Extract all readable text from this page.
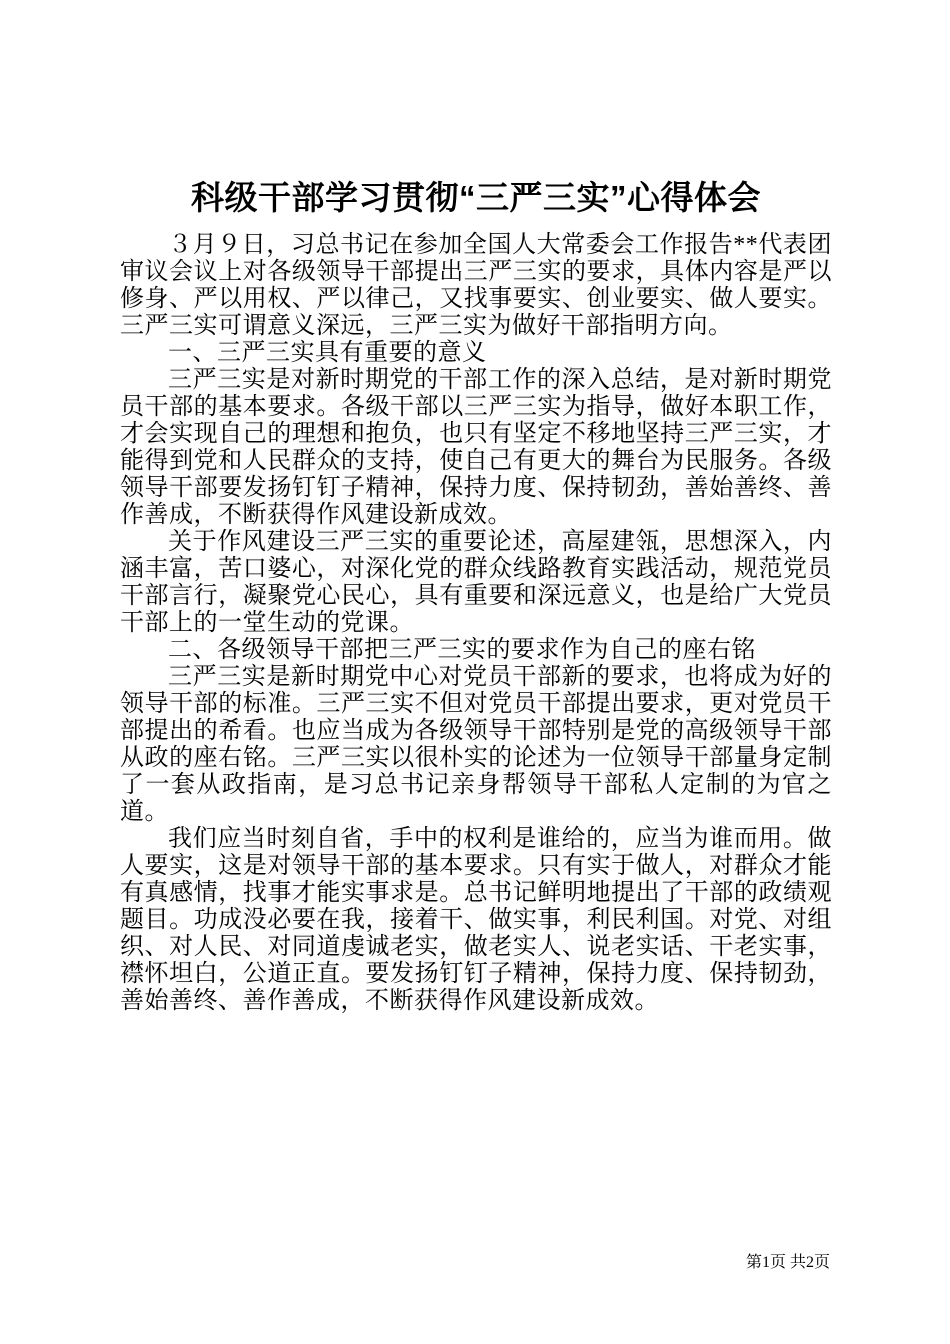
科级干部学习贯彻“三严三实”心得体会

３月９日，习总书记在参加全国人大常委会工作报告**代表团审议会议上对各级领导干部提出三严三实的要求，具体内容是严以修身、严以用权、严以律己，又找事要实、创业要实、做人要实。三严三实可谓意义深远，三严三实为做好干部指明方向。

一、三严三实具有重要的意义

三严三实是对新时期党的干部工作的深入总结，是对新时期党员干部的基本要求。各级干部以三严三实为指导，做好本职工作，才会实现自己的理想和抱负，也只有坚定不移地坚持三严三实，才能得到党和人民群众的支持，使自己有更大的舞台为民服务。各级领导干部要发扬钉钉子精神，保持力度、保持韧劲，善始善终、善作善成，不断获得作风建设新成效。

关于作风建设三严三实的重要论述，高屋建瓴，思想深入，内涵丰富，苦口婆心，对深化党的群众线路教育实践活动，规范党员干部言行，凝聚党心民心，具有重要和深远意义，也是给广大党员干部上的一堂生动的党课。

二、各级领导干部把三严三实的要求作为自己的座右铭

三严三实是新时期党中心对党员干部新的要求，也将成为好的领导干部的标准。三严三实不但对党员干部提出要求，更对党员干部提出的希看。也应当成为各级领导干部特别是党的高级领导干部从政的座右铭。三严三实以很朴实的论述为一位领导干部量身定制了一套从政指南，是习总书记亲身帮领导干部私人定制的为官之道。

我们应当时刻自省，手中的权利是谁给的，应当为谁而用。做人要实，这是对领导干部的基本要求。只有实于做人，对群众才能有真感情，找事才能实事求是。总书记鲜明地提出了干部的政绩观题目。功成没必要在我，接着干、做实事，利民利国。对党、对组织、对人民、对同道虔诚老实，做老实人、说老实话、干老实事，襟怀坦白，公道正直。要发扬钉钉子精神，保持力度、保持韧劲，善始善终、善作善成，不断获得作风建设新成效。

第1页 共2页
